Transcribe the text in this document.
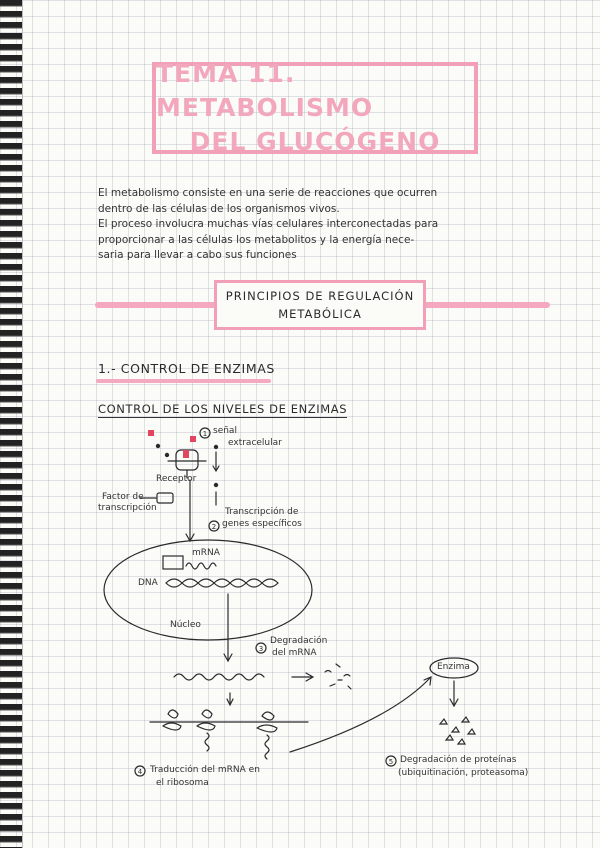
TEMA 11. METABOLISMO
DEL GLUCÓGENO
El metabolismo consiste en una serie de reacciones que ocurren
dentro de las células de los organismos vivos.
El proceso involucra muchas vías celulares interconectadas para
proporcionar a las células los metabolitos y la energía nece-
saria para llevar a cabo sus funciones
PRINCIPIOS DE REGULACIÓN
METABÓLICA
1.- CONTROL DE ENZIMAS
CONTROL DE LOS NIVELES DE ENZIMAS
1
2
3
4
5
señal
extracelular
Receptor
Factor de
transcripción	Transcripción de
genes específicos
mRNA
DNA
Núcleo
Degradación
del mRNA
Enzima
Traducción del mRNA en
el ribosoma
Degradación de proteínas
(ubiquitinación, proteasoma)
